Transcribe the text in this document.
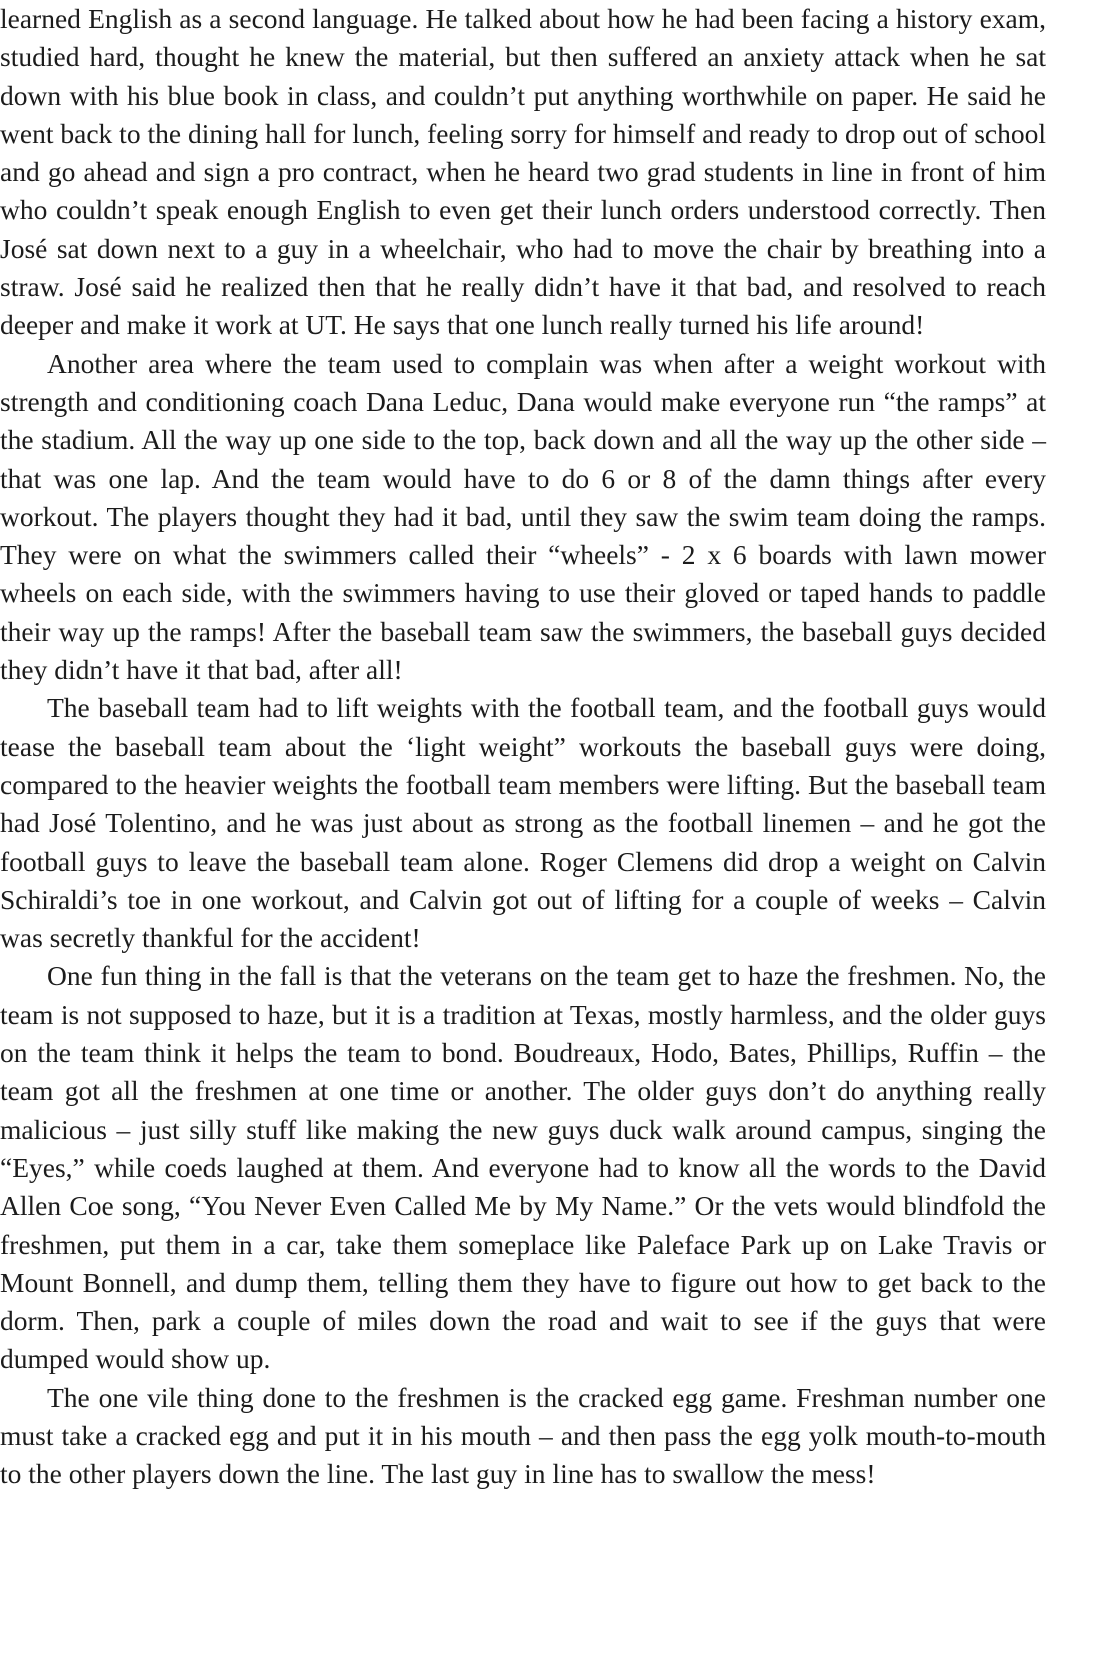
learned English as a second language. He talked about how he had been facing a history exam, studied hard, thought he knew the material, but then suffered an anxiety attack when he sat down with his blue book in class, and couldn’t put anything worthwhile on paper. He said he went back to the dining hall for lunch, feeling sorry for himself and ready to drop out of school and go ahead and sign a pro contract, when he heard two grad students in line in front of him who couldn’t speak enough English to even get their lunch orders understood correctly. Then José sat down next to a guy in a wheelchair, who had to move the chair by breathing into a straw. José said he realized then that he really didn’t have it that bad, and resolved to reach deeper and make it work at UT. He says that one lunch really turned his life around!

Another area where the team used to complain was when after a weight workout with strength and conditioning coach Dana Leduc, Dana would make everyone run “the ramps” at the stadium. All the way up one side to the top, back down and all the way up the other side – that was one lap. And the team would have to do 6 or 8 of the damn things after every workout. The players thought they had it bad, until they saw the swim team doing the ramps. They were on what the swimmers called their “wheels” - 2 x 6 boards with lawn mower wheels on each side, with the swimmers having to use their gloved or taped hands to paddle their way up the ramps! After the baseball team saw the swimmers, the baseball guys decided they didn’t have it that bad, after all!

The baseball team had to lift weights with the football team, and the football guys would tease the baseball team about the ‘light weight” workouts the baseball guys were doing, compared to the heavier weights the football team members were lifting. But the baseball team had José Tolentino, and he was just about as strong as the football linemen – and he got the football guys to leave the baseball team alone. Roger Clemens did drop a weight on Calvin Schiraldi’s toe in one workout, and Calvin got out of lifting for a couple of weeks – Calvin was secretly thankful for the accident!

One fun thing in the fall is that the veterans on the team get to haze the freshmen. No, the team is not supposed to haze, but it is a tradition at Texas, mostly harmless, and the older guys on the team think it helps the team to bond. Boudreaux, Hodo, Bates, Phillips, Ruffin – the team got all the freshmen at one time or another. The older guys don’t do anything really malicious – just silly stuff like making the new guys duck walk around campus, singing the “Eyes,” while coeds laughed at them. And everyone had to know all the words to the David Allen Coe song, “You Never Even Called Me by My Name.” Or the vets would blindfold the freshmen, put them in a car, take them someplace like Paleface Park up on Lake Travis or Mount Bonnell, and dump them, telling them they have to figure out how to get back to the dorm. Then, park a couple of miles down the road and wait to see if the guys that were dumped would show up.

The one vile thing done to the freshmen is the cracked egg game. Freshman number one must take a cracked egg and put it in his mouth – and then pass the egg yolk mouth-to-mouth to the other players down the line. The last guy in line has to swallow the mess!
